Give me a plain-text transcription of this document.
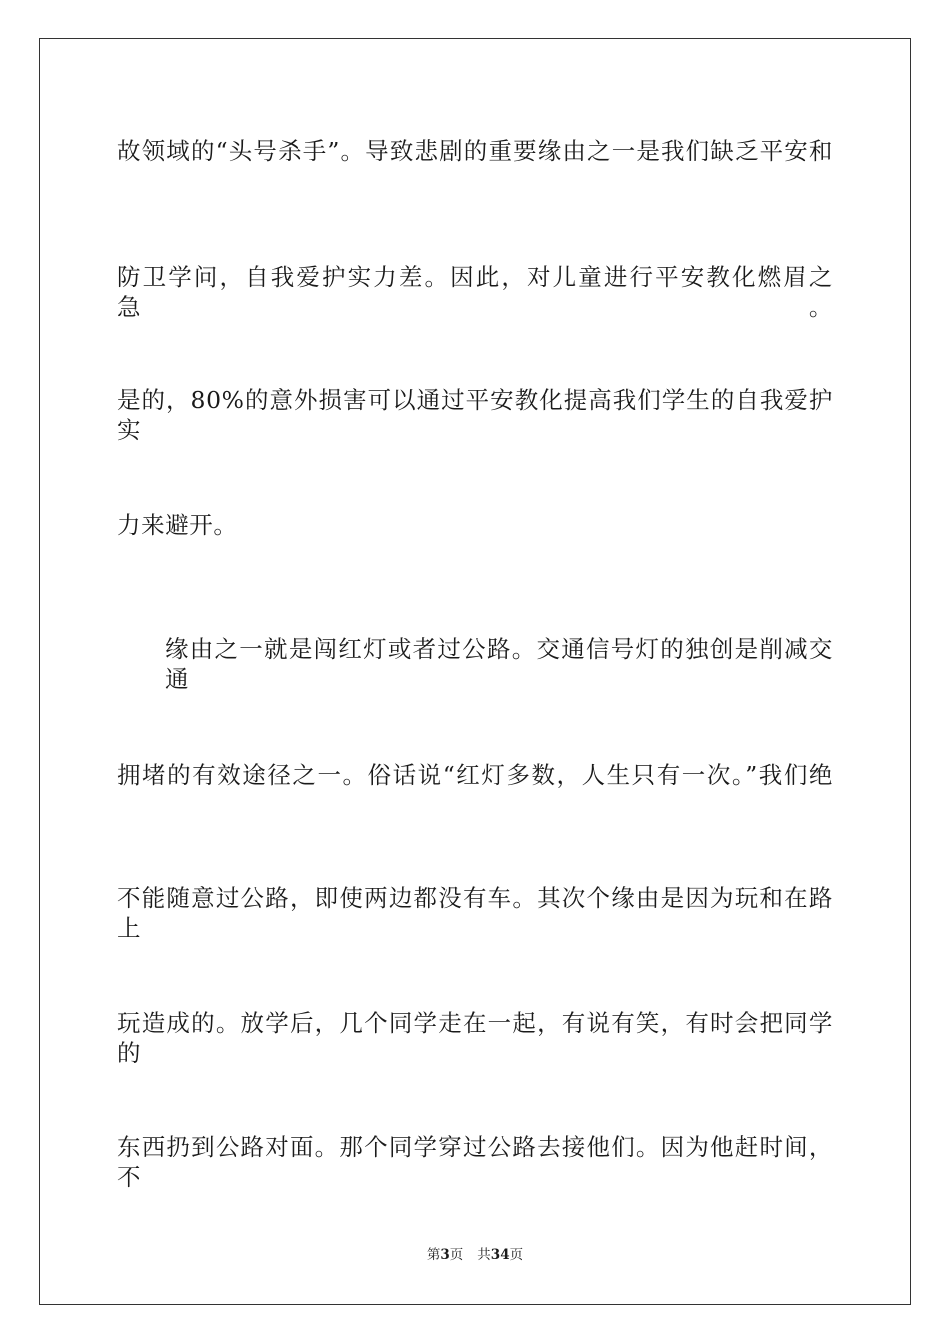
故领域的“头号杀手”。导致悲剧的重要缘由之一是我们缺乏平安和
防卫学问，自我爱护实力差。因此，对儿童进行平安教化燃眉之急。
是的，80%的意外损害可以通过平安教化提高我们学生的自我爱护实
力来避开。
缘由之一就是闯红灯或者过公路。交通信号灯的独创是削减交通
拥堵的有效途径之一。俗话说“红灯多数，人生只有一次。”我们绝
不能随意过公路，即使两边都没有车。其次个缘由是因为玩和在路上
玩造成的。放学后，几个同学走在一起，有说有笑，有时会把同学的
东西扔到公路对面。那个同学穿过公路去接他们。因为他赶时间，不
第3页 共34页
